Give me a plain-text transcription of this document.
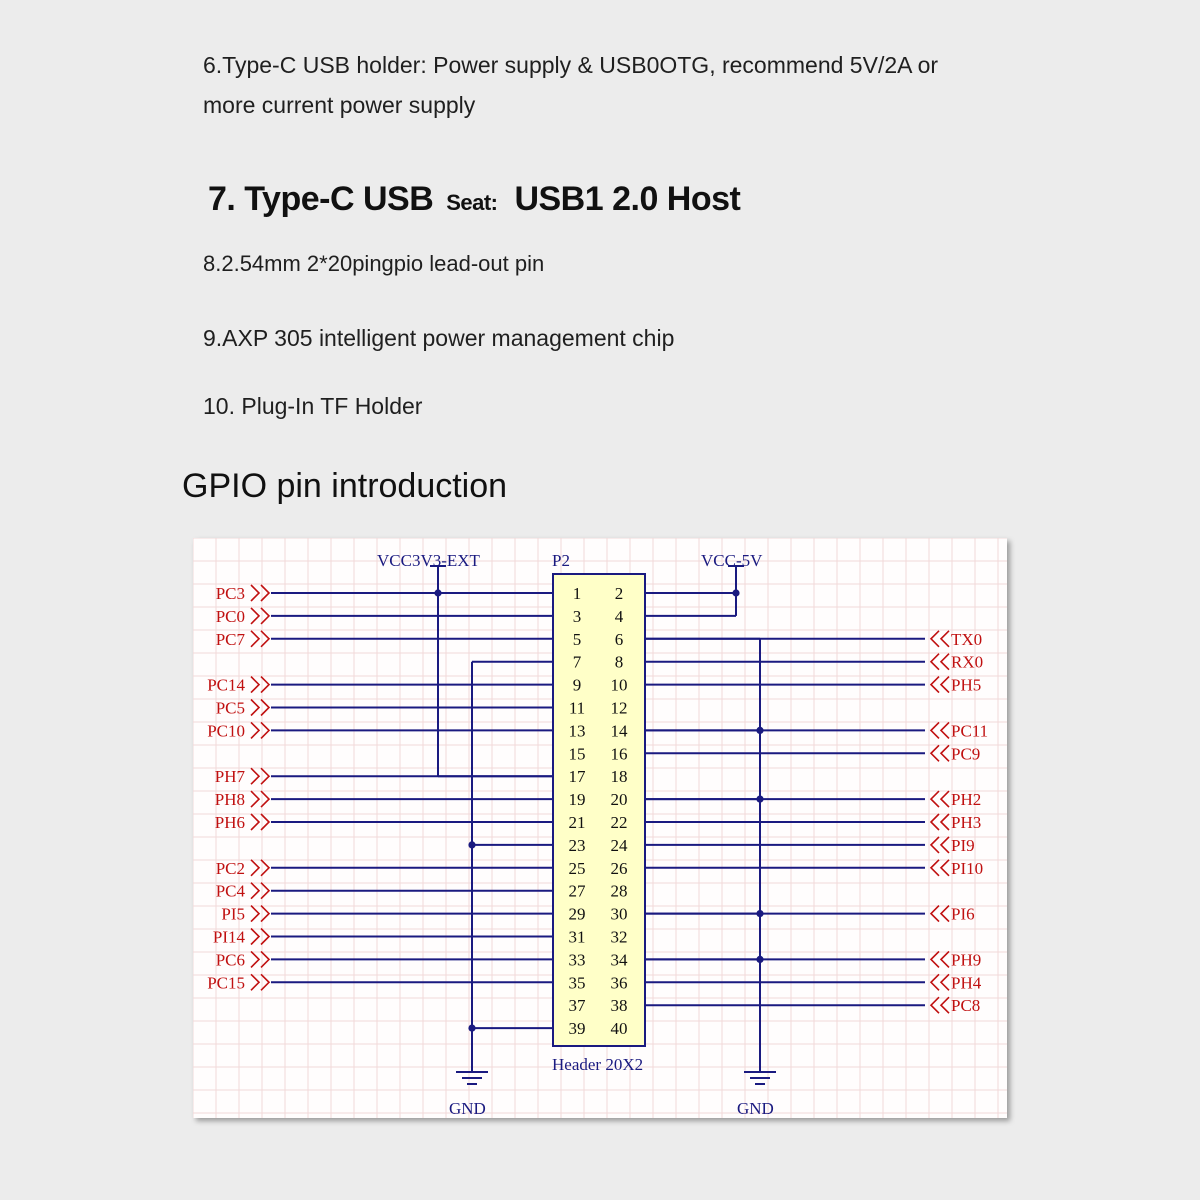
6.Type-C USB holder: Power supply & USB0OTG, recommend 5V/2A or

more current power supply

7. Type-C USB Seat: USB1 2.0 Host

8.2.54mm 2*20pingpio lead-out pin

9.AXP 305 intelligent power management chip

10. Plug-In TF Holder

GPIO pin introduction

1 2
3 4
5 6
7 8
9 10
11 12
13 14
15 16
17 18
19 20
21 22
23 24
25 26
27 28
29 30
31 32
33 34
35 36
37 38
39 40
PC3
PC0
PC7
PC14
PC5
PC10
PH7
PH8
PH6
PC2
PC4
PI5
PI14
PC6
PC15
TX0
RX0
PH5
PC11
PC9
PH2
PH3
PI9
PI10
PI6
PH9
PH4
PC8
P2
Header 20X2
VCC3V3-EXT	VCC-5V
GND	GND
